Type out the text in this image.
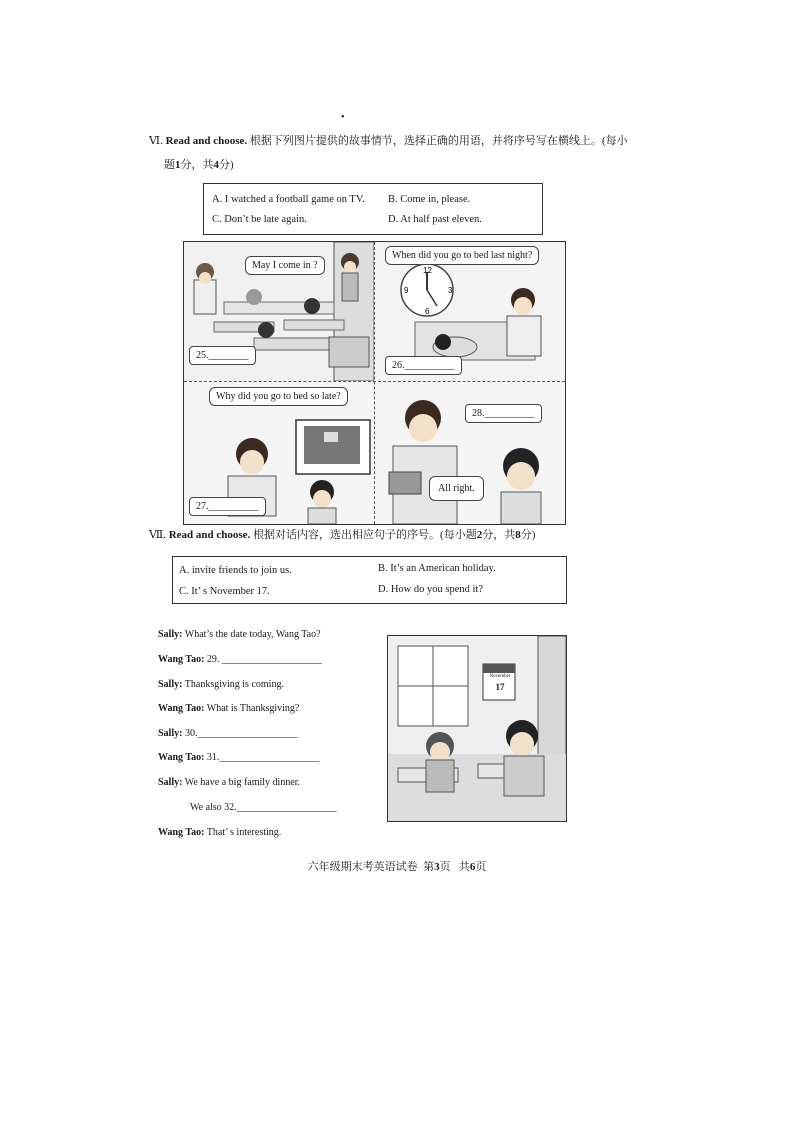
•
Ⅵ. Read and choose. 根据下列图片提供的故事情节，选择正确的用语，并将序号写在横线上。(每小
题1分，共4分)
A. I watched a football game on TV. B. Come in, please.
C. Don’t be late again.	D. At half past eleven.
May I come in ?
25.________
12
3
6
9
When did you go to bed last night?
26.__________
Why did you go to bed so late?
27.__________
28.__________
All right.
Ⅶ. Read and choose. 根据对话内容，选出相应句子的序号。(每小题2分，共8分)
A. invite friends to join us.	B. It’s an American holiday.
C. It’ s November 17.	D. How do you spend it?
Sally: What’s the date today, Wang Tao?
Wang Tao: 29. ____________________
Sally: Thanksgiving is coming.
Wang Tao: What is Thanksgiving?
Sally: 30.____________________
Wang Tao: 31.____________________
Sally: We have a big family dinner.
We also 32.____________________
Wang Tao: That’ s interesting.
November
17
六年级期末考英语试卷 第3页 共6页
